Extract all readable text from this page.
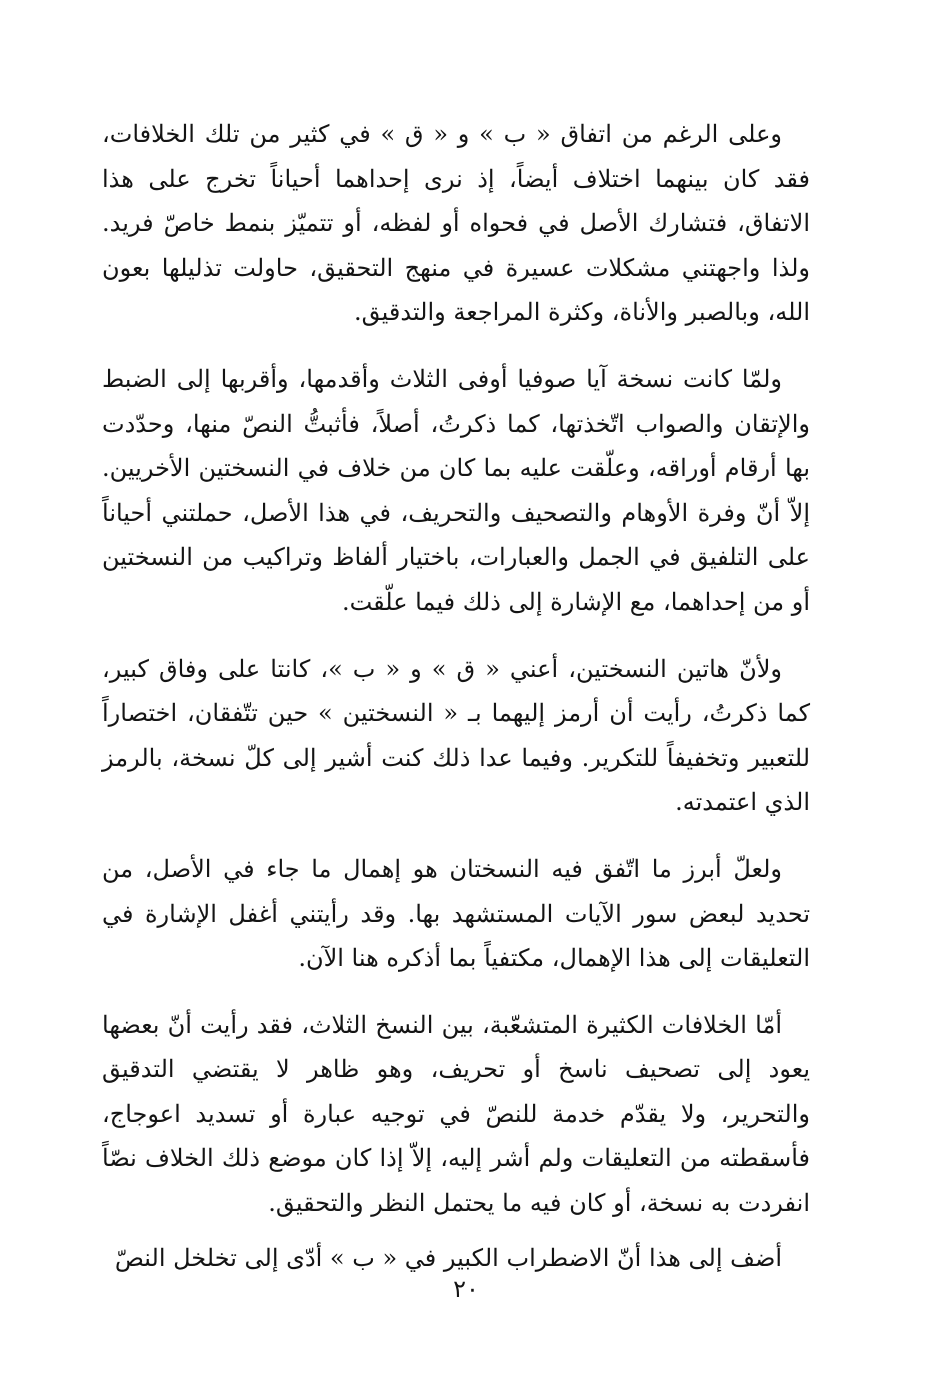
وعلى الرغم من اتفاق « ب » و « ق » في كثير من تلك الخلافات، فقد كان بينهما اختلاف أيضاً، إذ نرى إحداهما أحياناً تخرج على هذا الاتفاق، فتشارك الأصل في فحواه أو لفظه، أو تتميّز بنمط خاصّ فريد. ولذا واجهتني مشكلات عسيرة في منهج التحقيق، حاولت تذليلها بعون الله، وبالصبر والأناة، وكثرة المراجعة والتدقيق.

ولمّا كانت نسخة آيا صوفيا أوفى الثلاث وأقدمها، وأقربها إلى الضبط والإتقان والصواب اتّخذتها، كما ذكرتُ، أصلاً، فأثبتُّ النصّ منها، وحدّدت بها أرقام أوراقه، وعلّقت عليه بما كان من خلاف في النسختين الأخريين. إلاّ أنّ وفرة الأوهام والتصحيف والتحريف، في هذا الأصل، حملتني أحياناً على التلفيق في الجمل والعبارات، باختيار ألفاظ وتراكيب من النسختين أو من إحداهما، مع الإشارة إلى ذلك فيما علّقت.

ولأنّ هاتين النسختين، أعني « ق » و « ب »، كانتا على وفاق كبير، كما ذكرتُ، رأيت أن أرمز إليهما بـ « النسختين » حين تتّفقان، اختصاراً للتعبير وتخفيفاً للتكرير. وفيما عدا ذلك كنت أشير إلى كلّ نسخة، بالرمز الذي اعتمدته.

ولعلّ أبرز ما اتّفق فيه النسختان هو إهمال ما جاء في الأصل، من تحديد لبعض سور الآيات المستشهد بها. وقد رأيتني أغفل الإشارة في التعليقات إلى هذا الإهمال، مكتفياً بما أذكره هنا الآن.

أمّا الخلافات الكثيرة المتشعّبة، بين النسخ الثلاث، فقد رأيت أنّ بعضها يعود إلى تصحيف ناسخ أو تحريف، وهو ظاهر لا يقتضي التدقيق والتحرير، ولا يقدّم خدمة للنصّ في توجيه عبارة أو تسديد اعوجاج، فأسقطته من التعليقات ولم أشر إليه، إلاّ إذا كان موضع ذلك الخلاف نصّاً انفردت به نسخة، أو كان فيه ما يحتمل النظر والتحقيق.

أضف إلى هذا أنّ الاضطراب الكبير في « ب » أدّى إلى تخلخل النصّ

٢٠
